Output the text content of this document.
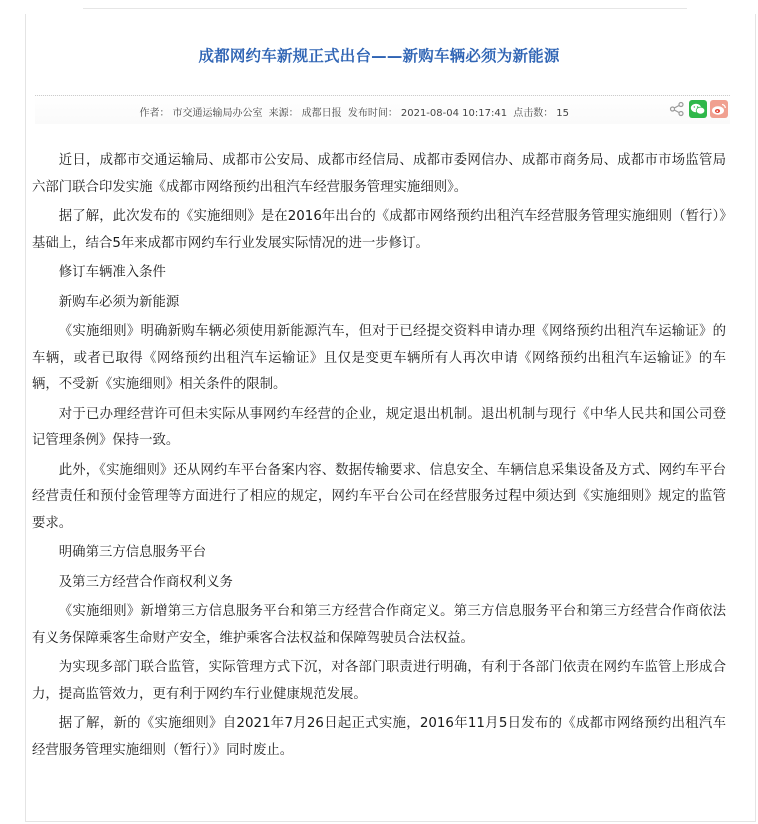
成都网约车新规正式出台——新购车辆必须为新能源
作者： 市交通运输局办公室 来源： 成都日报 发布时间： 2021-08-04 10:17:41 点击数： 15

近日，成都市交通运输局、成都市公安局、成都市经信局、成都市委网信办、成都市商务局、成都市市场监管局六部门联合印发实施《成都市网络预约出租汽车经营服务管理实施细则》。

据了解，此次发布的《实施细则》是在2016年出台的《成都市网络预约出租汽车经营服务管理实施细则（暂行）》基础上，结合5年来成都市网约车行业发展实际情况的进一步修订。

修订车辆准入条件

新购车必须为新能源

《实施细则》明确新购车辆必须使用新能源汽车，但对于已经提交资料申请办理《网络预约出租汽车运输证》的车辆，或者已取得《网络预约出租汽车运输证》且仅是变更车辆所有人再次申请《网络预约出租汽车运输证》的车辆，不受新《实施细则》相关条件的限制。

对于已办理经营许可但未实际从事网约车经营的企业，规定退出机制。退出机制与现行《中华人民共和国公司登记管理条例》保持一致。

此外，《实施细则》还从网约车平台备案内容、数据传输要求、信息安全、车辆信息采集设备及方式、网约车平台经营责任和预付金管理等方面进行了相应的规定，网约车平台公司在经营服务过程中须达到《实施细则》规定的监管要求。

明确第三方信息服务平台

及第三方经营合作商权利义务

《实施细则》新增第三方信息服务平台和第三方经营合作商定义。第三方信息服务平台和第三方经营合作商依法有义务保障乘客生命财产安全，维护乘客合法权益和保障驾驶员合法权益。

为实现多部门联合监管，实际管理方式下沉，对各部门职责进行明确，有利于各部门依责在网约车监管上形成合力，提高监管效力，更有利于网约车行业健康规范发展。

据了解，新的《实施细则》自2021年7月26日起正式实施，2016年11月5日发布的《成都市网络预约出租汽车经营服务管理实施细则（暂行）》同时废止。
